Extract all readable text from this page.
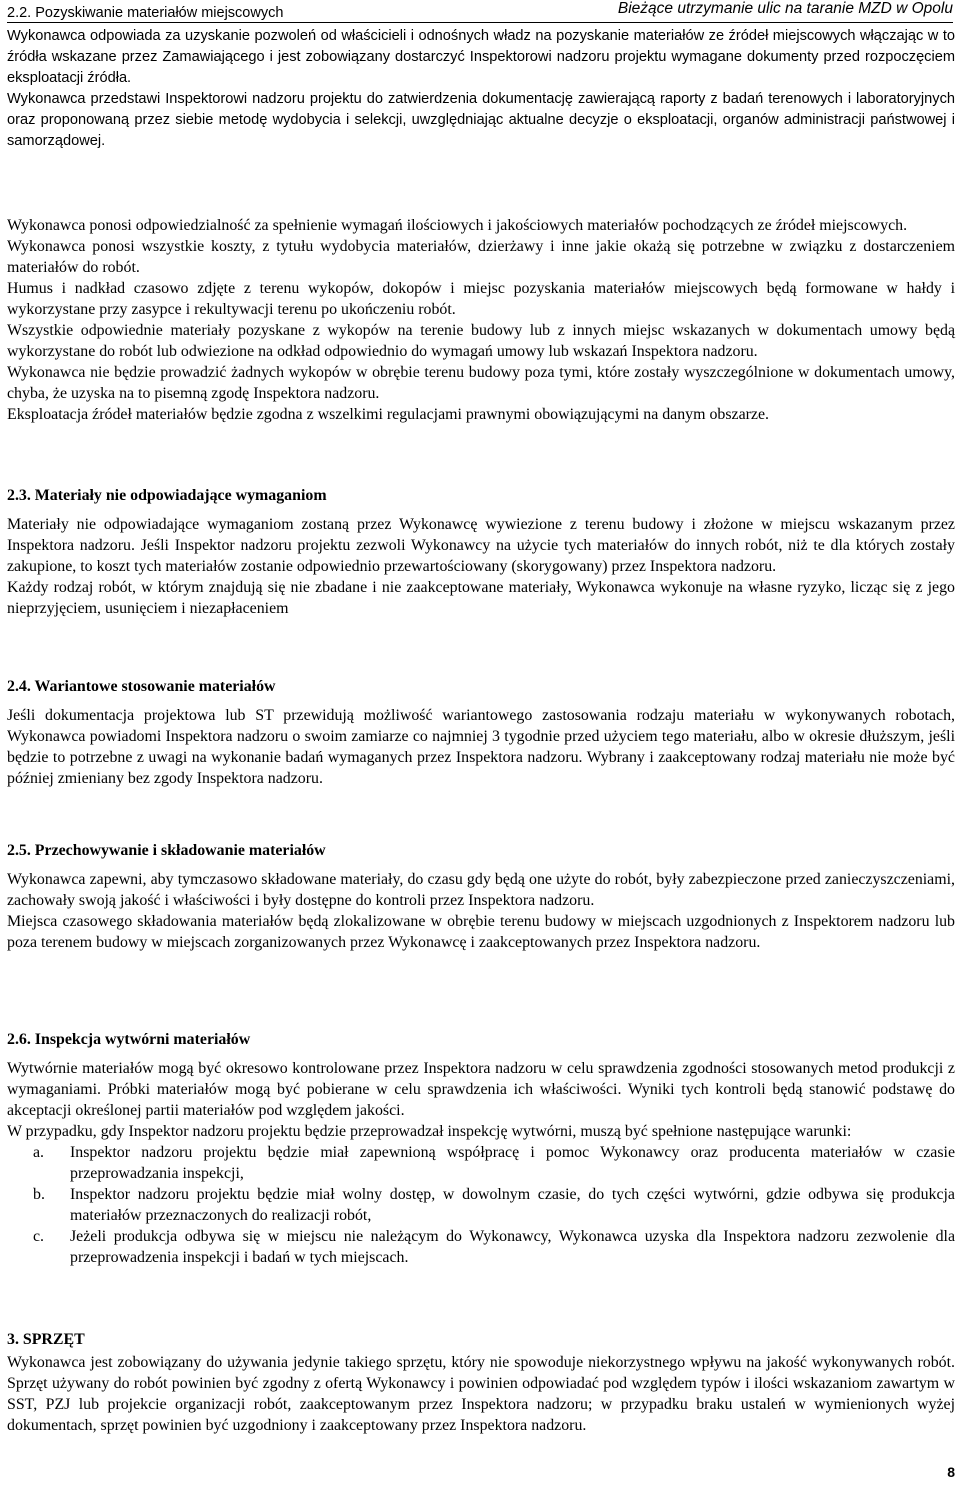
2.2. Pozyskiwanie materiałów miejscowych	Bieżące utrzymanie ulic na taranie MZD w Opolu

Wykonawca odpowiada za uzyskanie pozwoleń od właścicieli i odnośnych władz na pozyskanie materiałów ze źródeł miejscowych włączając w to źródła wskazane przez Zamawiającego i jest zobowiązany dostarczyć Inspektorowi nadzoru projektu wymagane dokumenty przed rozpoczęciem eksploatacji źródła.

Wykonawca przedstawi Inspektorowi nadzoru projektu do zatwierdzenia dokumentację zawierającą raporty z badań terenowych i laboratoryjnych oraz proponowaną przez siebie metodę wydobycia i selekcji, uwzględniając aktualne decyzje o eksploatacji, organów administracji państwowej i samorządowej.

Wykonawca ponosi odpowiedzialność za spełnienie wymagań ilościowych i jakościowych materiałów pochodzących ze źródeł miejscowych.

Wykonawca ponosi wszystkie koszty, z tytułu wydobycia materiałów, dzierżawy i inne jakie okażą się potrzebne w związku z dostarczeniem materiałów do robót.

Humus i nadkład czasowo zdjęte z terenu wykopów, dokopów i miejsc pozyskania materiałów miejscowych będą formowane w hałdy i wykorzystane przy zasypce i rekultywacji terenu po ukończeniu robót.

Wszystkie odpowiednie materiały pozyskane z wykopów na terenie budowy lub z innych miejsc wskazanych w dokumentach umowy będą wykorzystane do robót lub odwiezione na odkład odpowiednio do wymagań umowy lub wskazań Inspektora nadzoru.

Wykonawca nie będzie prowadzić żadnych wykopów w obrębie terenu budowy poza tymi, które zostały wyszczególnione w dokumentach umowy, chyba, że uzyska na to pisemną zgodę Inspektora nadzoru.

Eksploatacja źródeł materiałów będzie zgodna z wszelkimi regulacjami prawnymi obowiązującymi na danym obszarze.

2.3. Materiały nie odpowiadające wymaganiom

Materiały nie odpowiadające wymaganiom zostaną przez Wykonawcę wywiezione z terenu budowy i złożone w miejscu wskazanym przez Inspektora nadzoru. Jeśli Inspektor nadzoru projektu zezwoli Wykonawcy na użycie tych materiałów do innych robót, niż te dla których zostały zakupione, to koszt tych materiałów zostanie odpowiednio przewartościowany (skorygowany) przez Inspektora nadzoru.

Każdy rodzaj robót, w którym znajdują się nie zbadane i nie zaakceptowane materiały, Wykonawca wykonuje na własne ryzyko, licząc się z jego nieprzyjęciem, usunięciem i niezapłaceniem

2.4. Wariantowe stosowanie materiałów

Jeśli dokumentacja projektowa lub ST przewidują możliwość wariantowego zastosowania rodzaju materiału w wykonywanych robotach, Wykonawca powiadomi Inspektora nadzoru o swoim zamiarze co najmniej 3 tygodnie przed użyciem tego materiału, albo w okresie dłuższym, jeśli będzie to potrzebne z uwagi na wykonanie badań wymaganych przez Inspektora nadzoru. Wybrany i zaakceptowany rodzaj materiału nie może być później zmieniany bez zgody Inspektora nadzoru.

2.5. Przechowywanie i składowanie materiałów

Wykonawca zapewni, aby tymczasowo składowane materiały, do czasu gdy będą one użyte do robót, były zabezpieczone przed zanieczyszczeniami, zachowały swoją jakość i właściwości i były dostępne do kontroli przez Inspektora nadzoru.

Miejsca czasowego składowania materiałów będą zlokalizowane w obrębie terenu budowy w miejscach uzgodnionych z Inspektorem nadzoru lub poza terenem budowy w miejscach zorganizowanych przez Wykonawcę i zaakceptowanych przez Inspektora nadzoru.

2.6. Inspekcja wytwórni materiałów

Wytwórnie materiałów mogą być okresowo kontrolowane przez Inspektora nadzoru w celu sprawdzenia zgodności stosowanych metod produkcji z wymaganiami. Próbki materiałów mogą być pobierane w celu sprawdzenia ich właściwości. Wyniki tych kontroli będą stanowić podstawę do akceptacji określonej partii materiałów pod względem jakości.

W przypadku, gdy Inspektor nadzoru projektu będzie przeprowadzał inspekcję wytwórni, muszą być spełnione następujące warunki:

a. Inspektor nadzoru projektu będzie miał zapewnioną współpracę i pomoc Wykonawcy oraz producenta materiałów w czasie przeprowadzania inspekcji,
b. Inspektor nadzoru projektu będzie miał wolny dostęp, w dowolnym czasie, do tych części wytwórni, gdzie odbywa się produkcja materiałów przeznaczonych do realizacji robót,
c. Jeżeli produkcja odbywa się w miejscu nie należącym do Wykonawcy, Wykonawca uzyska dla Inspektora nadzoru zezwolenie dla przeprowadzenia inspekcji i badań w tych miejscach.
3. SPRZĘT

Wykonawca jest zobowiązany do używania jedynie takiego sprzętu, który nie spowoduje niekorzystnego wpływu na jakość wykonywanych robót. Sprzęt używany do robót powinien być zgodny z ofertą Wykonawcy i powinien odpowiadać pod względem typów i ilości wskazaniom zawartym w SST, PZJ lub projekcie organizacji robót, zaakceptowanym przez Inspektora nadzoru; w przypadku braku ustaleń w wymienionych wyżej dokumentach, sprzęt powinien być uzgodniony i zaakceptowany przez Inspektora nadzoru.

8
